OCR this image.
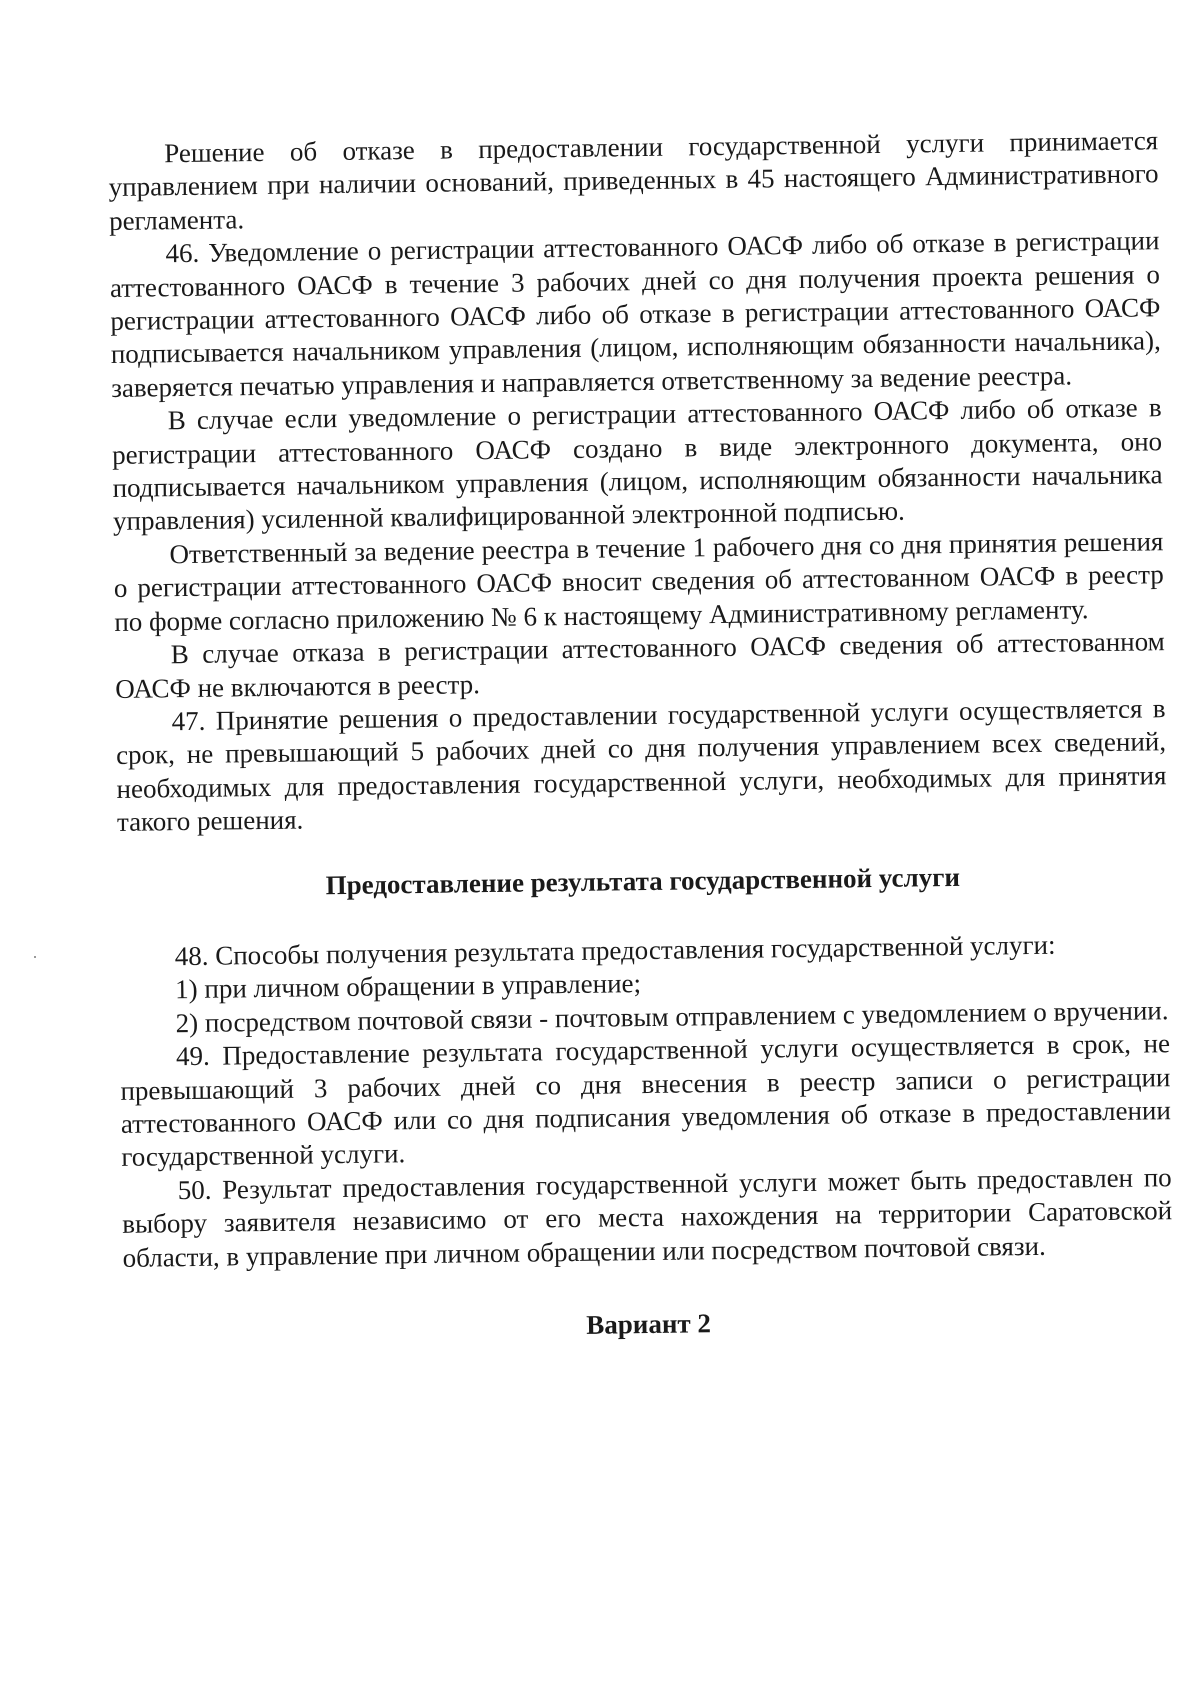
Решение об отказе в предоставлении государственной услуги принимается управлением при наличии оснований, приведенных в 45 настоящего Административного регламента.

46. Уведомление о регистрации аттестованного ОАСФ либо об отказе в регистрации аттестованного ОАСФ в течение 3 рабочих дней со дня получения проекта решения о регистрации аттестованного ОАСФ либо об отказе в регистрации аттестованного ОАСФ подписывается начальником управления (лицом, исполняющим обязанности начальника), заверяется печатью управления и направляется ответственному за ведение реестра.

В случае если уведомление о регистрации аттестованного ОАСФ либо об отказе в регистрации аттестованного ОАСФ создано в виде электронного документа, оно подписывается начальником управления (лицом, исполняющим обязанности начальника управления) усиленной квалифицированной электронной подписью.

Ответственный за ведение реестра в течение 1 рабочего дня со дня принятия решения о регистрации аттестованного ОАСФ вносит сведения об аттестованном ОАСФ в реестр по форме согласно приложению № 6 к настоящему Административному регламенту.

В случае отказа в регистрации аттестованного ОАСФ сведения об аттестованном ОАСФ не включаются в реестр.

47. Принятие решения о предоставлении государственной услуги осуществляется в срок, не превышающий 5 рабочих дней со дня получения управлением всех сведений, необходимых для предоставления государственной услуги, необходимых для принятия такого решения.

Предоставление результата государственной услуги

48. Способы получения результата предоставления государственной услуги:

1) при личном обращении в управление;

2) посредством почтовой связи - почтовым отправлением с уведомлением о вручении.

49. Предоставление результата государственной услуги осуществляется в срок, не превышающий 3 рабочих дней со дня внесения в реестр записи о регистрации аттестованного ОАСФ или со дня подписания уведомления об отказе в предоставлении государственной услуги.

50. Результат предоставления государственной услуги может быть предоставлен по выбору заявителя независимо от его места нахождения на территории Саратовской области, в управление при личном обращении или посредством почтовой связи.

Вариант 2
